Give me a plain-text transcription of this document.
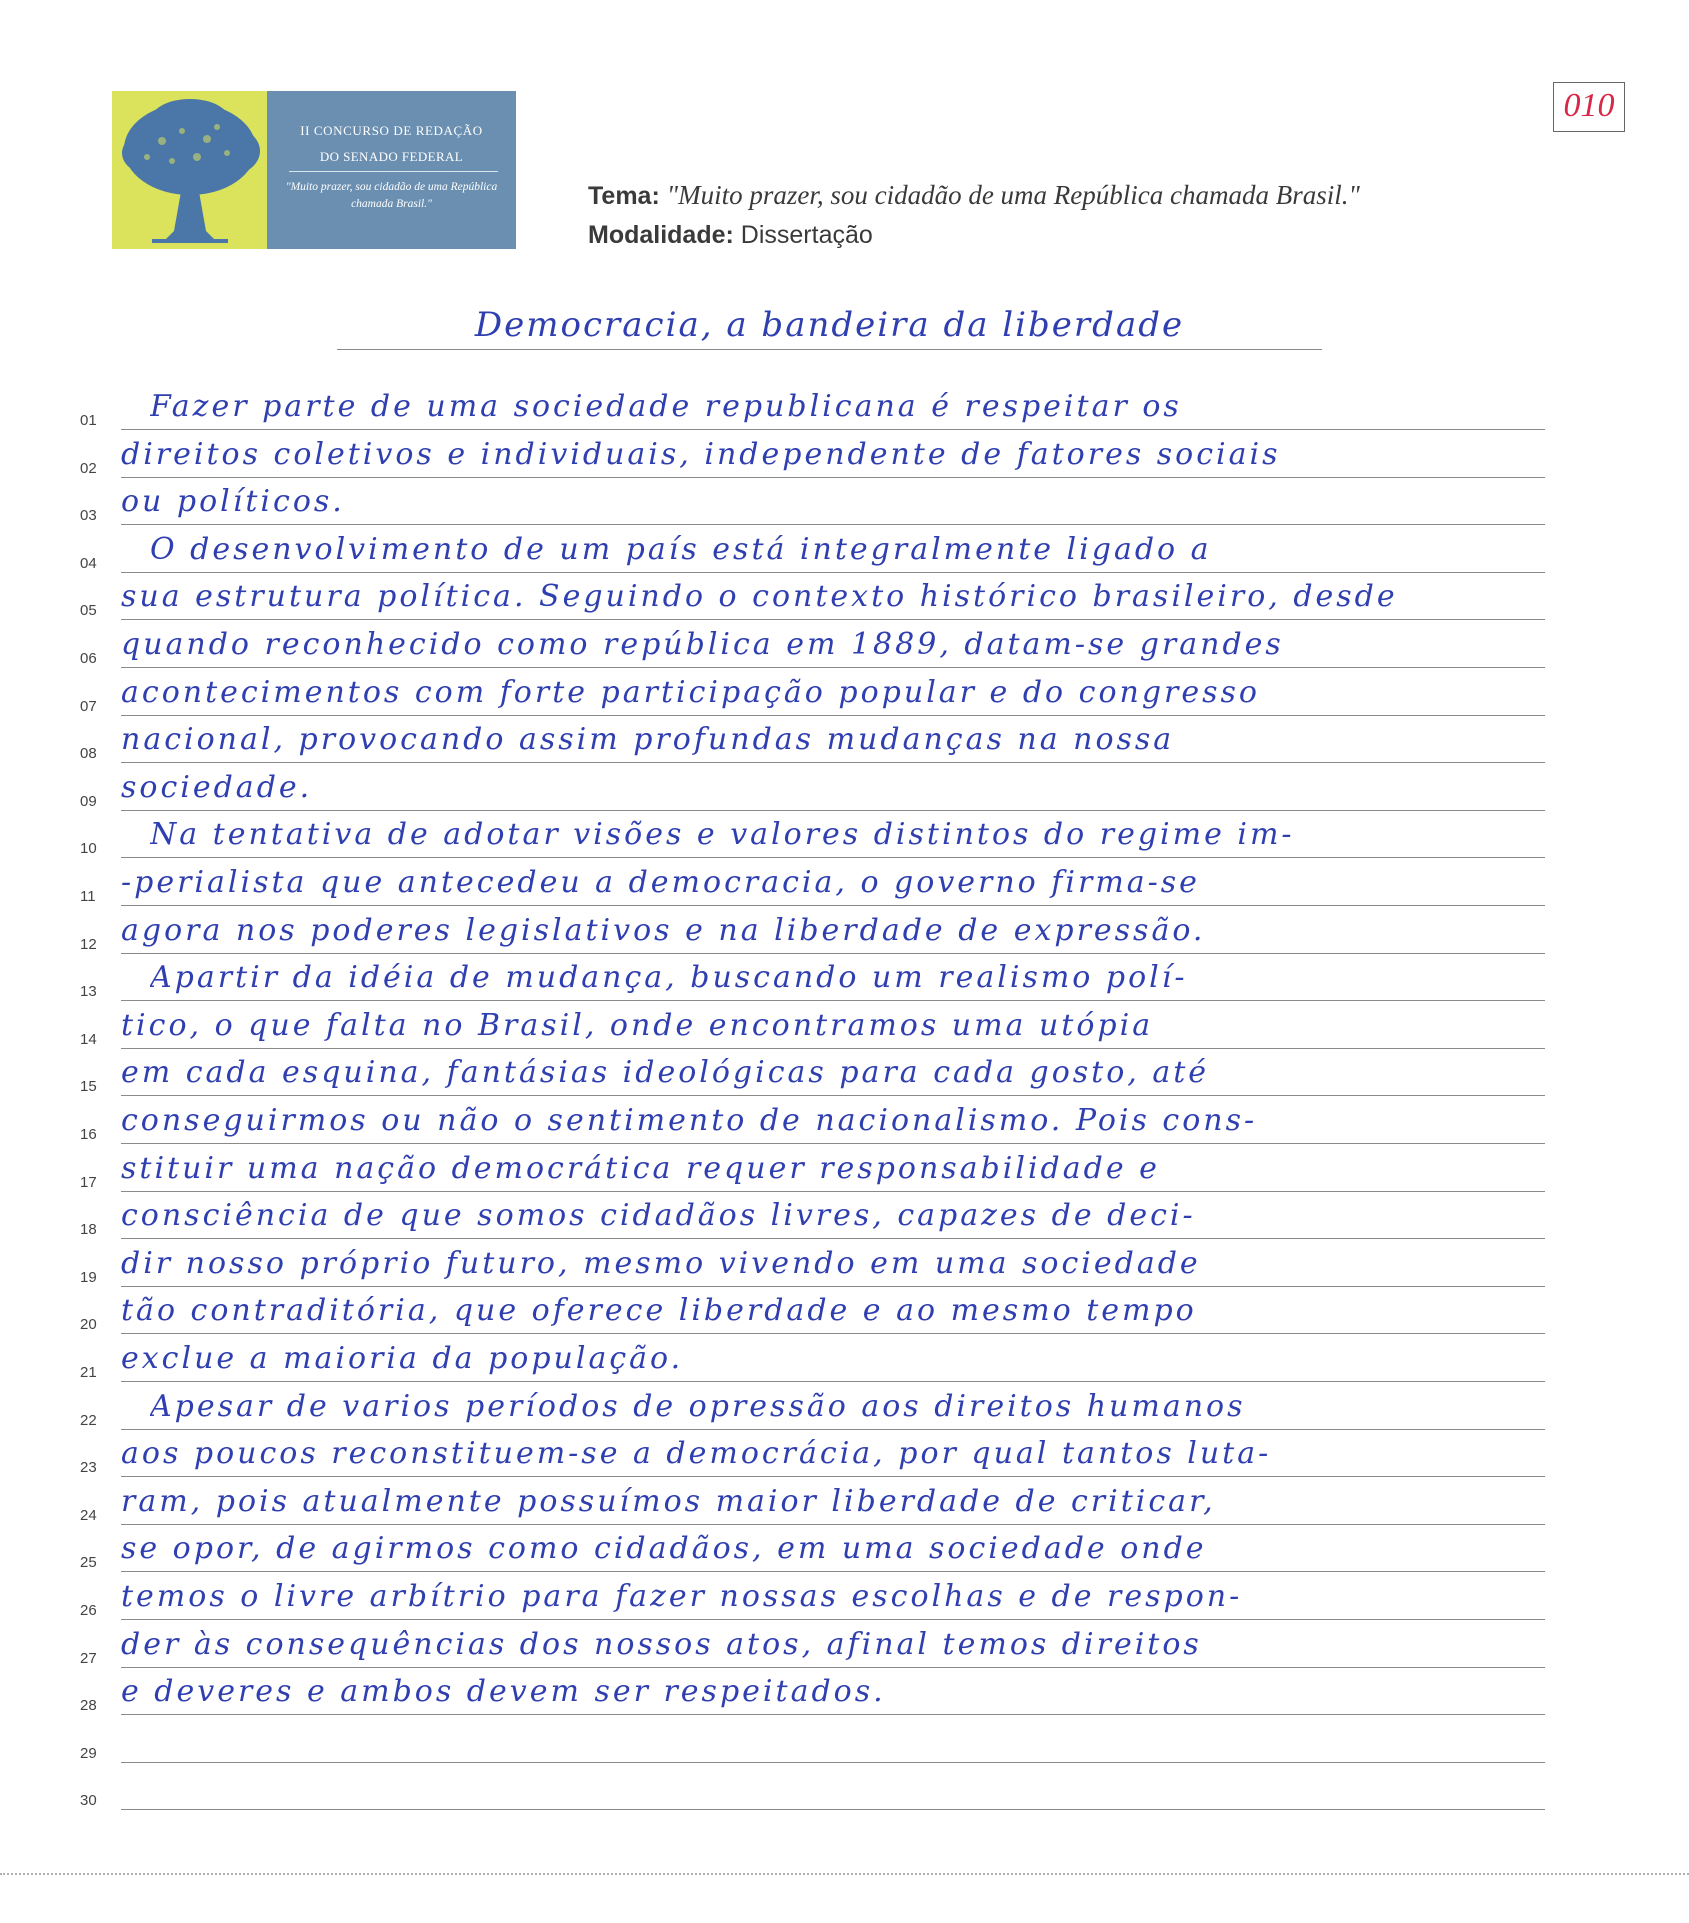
II CONCURSO DE REDAÇÃO
DO SENADO FEDERAL
"Muito prazer, sou cidadão de uma República chamada Brasil."
010
Tema: "Muito prazer, sou cidadão de uma República chamada Brasil."
Modalidade: Dissertação
Democracia, a bandeira da liberdade
01 Fazer parte de uma sociedade republicana é respeitar os
02 direitos coletivos e individuais, independente de fatores sociais
03 ou políticos.
04 O desenvolvimento de um país está integralmente ligado a
05 sua estrutura política. Seguindo o contexto histórico brasileiro, desde
06 quando reconhecido como república em 1889, datam-se grandes
07 acontecimentos com forte participação popular e do congresso
08 nacional, provocando assim profundas mudanças na nossa
09 sociedade.
10 Na tentativa de adotar visões e valores distintos do regime im-
11 -perialista que antecedeu a democracia, o governo firma-se
12 agora nos poderes legislativos e na liberdade de expressão.
13 Apartir da idéia de mudança, buscando um realismo polí-
14 tico, o que falta no Brasil, onde encontramos uma utópia
15 em cada esquina, fantásias ideológicas para cada gosto, até
16 conseguirmos ou não o sentimento de nacionalismo. Pois cons-
17 stituir uma nação democrática requer responsabilidade e
18 consciência de que somos cidadãos livres, capazes de deci-
19 dir nosso próprio futuro, mesmo vivendo em uma sociedade
20 tão contraditória, que oferece liberdade e ao mesmo tempo
21 exclue a maioria da população.
22 Apesar de varios períodos de opressão aos direitos humanos
23 aos poucos reconstituem-se a democrácia, por qual tantos luta-
24 ram, pois atualmente possuímos maior liberdade de criticar,
25 se opor, de agirmos como cidadãos, em uma sociedade onde
26 temos o livre arbítrio para fazer nossas escolhas e de respon-
27 der às consequências dos nossos atos, afinal temos direitos
28 e deveres e ambos devem ser respeitados.
29
30
